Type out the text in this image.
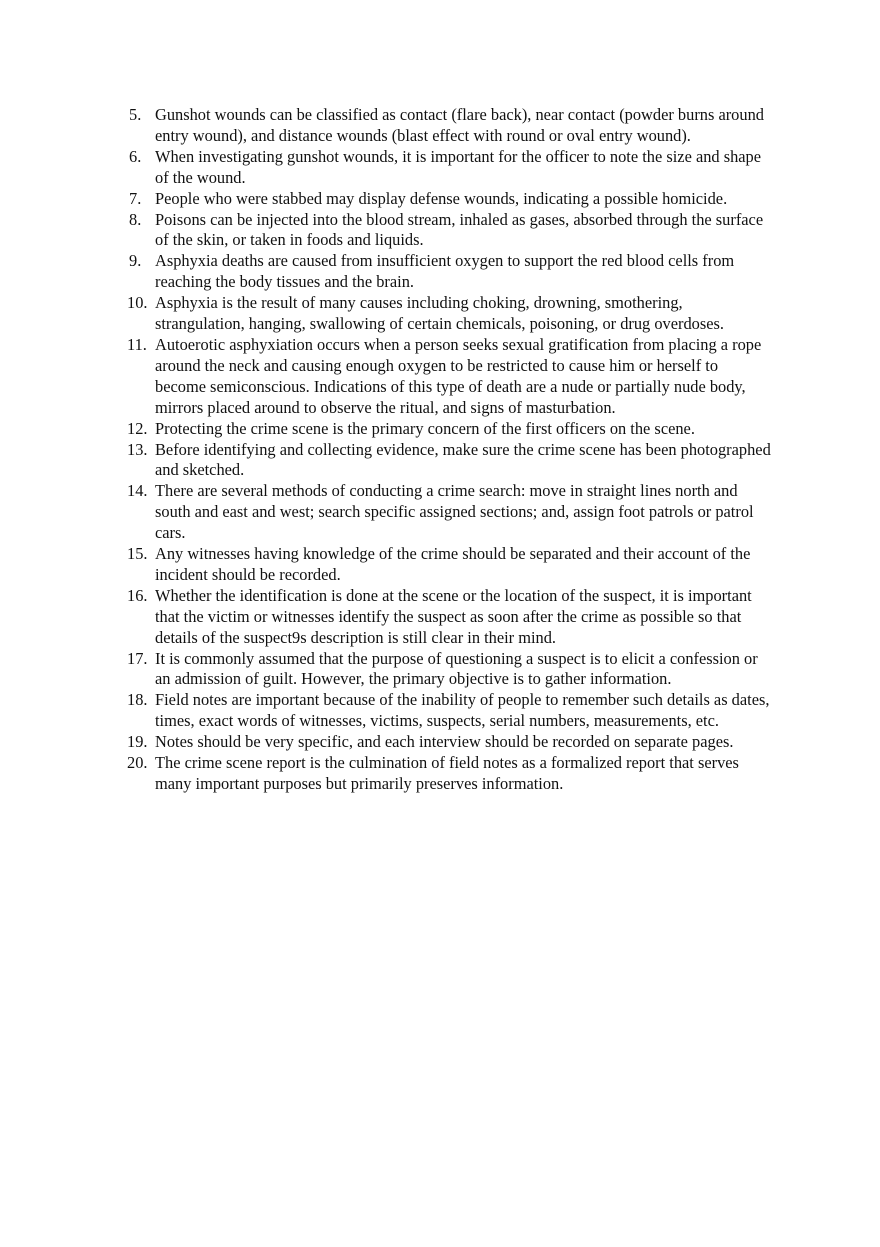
5. Gunshot wounds can be classified as contact (flare back), near contact (powder burns around entry wound), and distance wounds (blast effect with round or oval entry wound).
6. When investigating gunshot wounds, it is important for the officer to note the size and shape of the wound.
7. People who were stabbed may display defense wounds, indicating a possible homicide.
8. Poisons can be injected into the blood stream, inhaled as gases, absorbed through the surface of the skin, or taken in foods and liquids.
9. Asphyxia deaths are caused from insufficient oxygen to support the red blood cells from reaching the body tissues and the brain.
10. Asphyxia is the result of many causes including choking, drowning, smothering, strangulation, hanging, swallowing of certain chemicals, poisoning, or drug overdoses.
11. Autoerotic asphyxiation occurs when a person seeks sexual gratification from placing a rope around the neck and causing enough oxygen to be restricted to cause him or herself to become semiconscious. Indications of this type of death are a nude or partially nude body, mirrors placed around to observe the ritual, and signs of masturbation.
12. Protecting the crime scene is the primary concern of the first officers on the scene.
13. Before identifying and collecting evidence, make sure the crime scene has been photographed and sketched.
14. There are several methods of conducting a crime search: move in straight lines north and south and east and west; search specific assigned sections; and, assign foot patrols or patrol cars.
15. Any witnesses having knowledge of the crime should be separated and their account of the incident should be recorded.
16. Whether the identification is done at the scene or the location of the suspect, it is important that the victim or witnesses identify the suspect as soon after the crime as possible so that details of the suspect9s description is still clear in their mind.
17. It is commonly assumed that the purpose of questioning a suspect is to elicit a confession or an admission of guilt. However, the primary objective is to gather information.
18. Field notes are important because of the inability of people to remember such details as dates, times, exact words of witnesses, victims, suspects, serial numbers, measurements, etc.
19. Notes should be very specific, and each interview should be recorded on separate pages.
20. The crime scene report is the culmination of field notes as a formalized report that serves many important purposes but primarily preserves information.
